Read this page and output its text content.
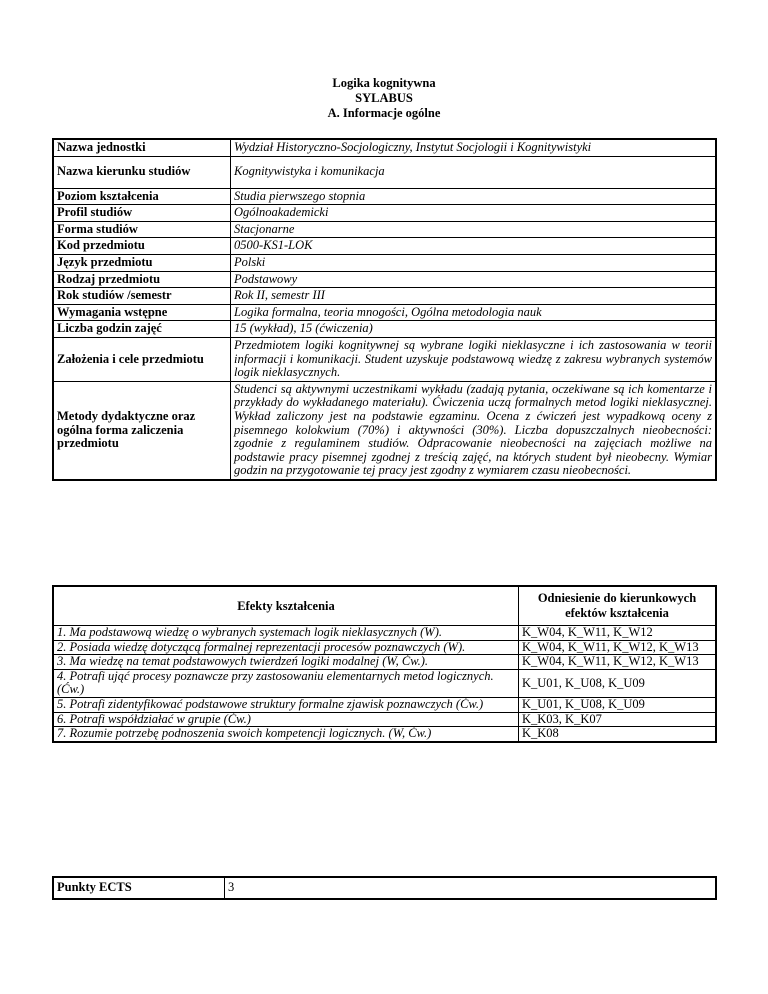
Logika kognitywna
SYLABUS
A. Informacje ogólne
Nazwa jednostki	Wydział Historyczno-Socjologiczny, Instytut Socjologii i Kognitywistyki
Nazwa kierunku studiów	Kognitywistyka i komunikacja
Poziom kształcenia	Studia pierwszego stopnia
Profil studiów	Ogólnoakademicki
Forma studiów	Stacjonarne
Kod przedmiotu	0500-KS1-LOK
Język przedmiotu	Polski
Rodzaj przedmiotu	Podstawowy
Rok studiów /semestr	Rok II, semestr III
Wymagania wstępne	Logika formalna, teoria mnogości, Ogólna metodologia nauk
Liczba godzin zajęć	15 (wykład), 15 (ćwiczenia)
Założenia i cele przedmiotu	Przedmiotem logiki kognitywnej są wybrane logiki nieklasyczne i ich zastosowania w teorii informacji i komunikacji. Student uzyskuje podstawową wiedzę z zakresu wybranych systemów logik nieklasycznych.
Metody dydaktyczne oraz ogólna forma zaliczenia przedmiotu	Studenci są aktywnymi uczestnikami wykładu (zadają pytania, oczekiwane są ich komentarze i przykłady do wykładanego materiału). Ćwiczenia uczą formalnych metod logiki nieklasycznej. Wykład zaliczony jest na podstawie egzaminu. Ocena z ćwiczeń jest wypadkową oceny z pisemnego kolokwium (70%) i aktywności (30%). Liczba dopuszczalnych nieobecności: zgodnie z regulaminem studiów. Odpracowanie nieobecności na zajęciach możliwe na podstawie pracy pisemnej zgodnej z treścią zajęć, na których student był nieobecny. Wymiar godzin na przygotowanie tej pracy jest zgodny z wymiarem czasu nieobecności.
Efekty kształcenia	Odniesienie do kierunkowych efektów kształcenia
1. Ma podstawową wiedzę o wybranych systemach logik nieklasycznych (W).	K_W04, K_W11, K_W12
2. Posiada wiedzę dotyczącą formalnej reprezentacji procesów poznawczych (W).	K_W04, K_W11, K_W12, K_W13
3. Ma wiedzę na temat podstawowych twierdzeń logiki modalnej (W, Ćw.).	K_W04, K_W11, K_W12, K_W13
4. Potrafi ująć procesy poznawcze przy zastosowaniu elementarnych metod logicznych. (Ćw.)	K_U01, K_U08, K_U09
5. Potrafi zidentyfikować podstawowe struktury formalne zjawisk poznawczych (Ćw.)	K_U01, K_U08, K_U09
6. Potrafi współdziałać w grupie (Ćw.)	K_K03, K_K07
7. Rozumie potrzebę podnoszenia swoich kompetencji logicznych. (W, Ćw.)	K_K08
Punkty ECTS	3
